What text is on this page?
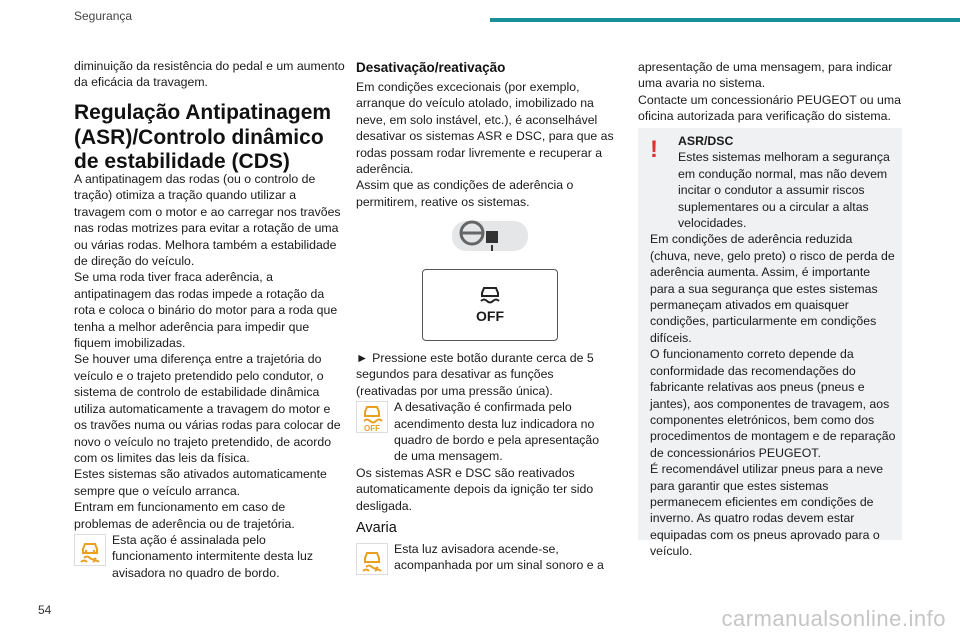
Segurança

diminuição da resistência do pedal e um aumento da eficácia da travagem.

Regulação Antipatinagem (ASR)/Controlo dinâmico de estabilidade (CDS)

A antipatinagem das rodas (ou o controlo de tração) otimiza a tração quando utilizar a travagem com o motor e ao carregar nos travões nas rodas motrizes para evitar a rotação de uma ou várias rodas. Melhora também a estabilidade de direção do veículo.

Se uma roda tiver fraca aderência, a antipatinagem das rodas impede a rotação da rota e coloca o binário do motor para a roda que tenha a melhor aderência para impedir que fiquem imobilizadas.

Se houver uma diferença entre a trajetória do veículo e o trajeto pretendido pelo condutor, o sistema de controlo de estabilidade dinâmica utiliza automaticamente a travagem do motor e os travões numa ou várias rodas para colocar de novo o veículo no trajeto pretendido, de acordo com os limites das leis da física.

Estes sistemas são ativados automaticamente sempre que o veículo arranca.

Entram em funcionamento em caso de problemas de aderência ou de trajetória.

Esta ação é assinalada pelo funcionamento intermitente desta luz avisadora no quadro de bordo.

Desativação/reativação

Em condições excecionais (por exemplo, arranque do veículo atolado, imobilizado na neve, em solo instável, etc.), é aconselhável desativar os sistemas ASR e DSC, para que as rodas possam rodar livremente e recuperar a aderência.

Assim que as condições de aderência o permitirem, reative os sistemas.

OFF

► Pressione este botão durante cerca de 5 segundos para desativar as funções (reativadas por uma pressão única).

OFF

A desativação é confirmada pelo acendimento desta luz indicadora no quadro de bordo e pela apresentação de uma mensagem.

Os sistemas ASR e DSC são reativados automaticamente depois da ignição ter sido desligada.

Avaria

Esta luz avisadora acende-se, acompanhada por um sinal sonoro e a

apresentação de uma mensagem, para indicar uma avaria no sistema.

Contacte um concessionário PEUGEOT ou uma oficina autorizada para verificação do sistema.

ASR/DSC

Estes sistemas melhoram a segurança em condução normal, mas não devem incitar o condutor a assumir riscos suplementares ou a circular a altas velocidades.

Em condições de aderência reduzida (chuva, neve, gelo preto) o risco de perda de aderência aumenta. Assim, é importante para a sua segurança que estes sistemas permaneçam ativados em quaisquer condições, particularmente em condições difíceis.

O funcionamento correto depende da conformidade das recomendações do fabricante relativas aos pneus (pneus e jantes), aos componentes de travagem, aos componentes eletrónicos, bem como dos procedimentos de montagem e de reparação de concessionários PEUGEOT.

É recomendável utilizar pneus para a neve para garantir que estes sistemas permanecem eficientes em condições de inverno. As quatro rodas devem estar equipadas com os pneus aprovado para o veículo.

!
54	carmanualsonline.info
